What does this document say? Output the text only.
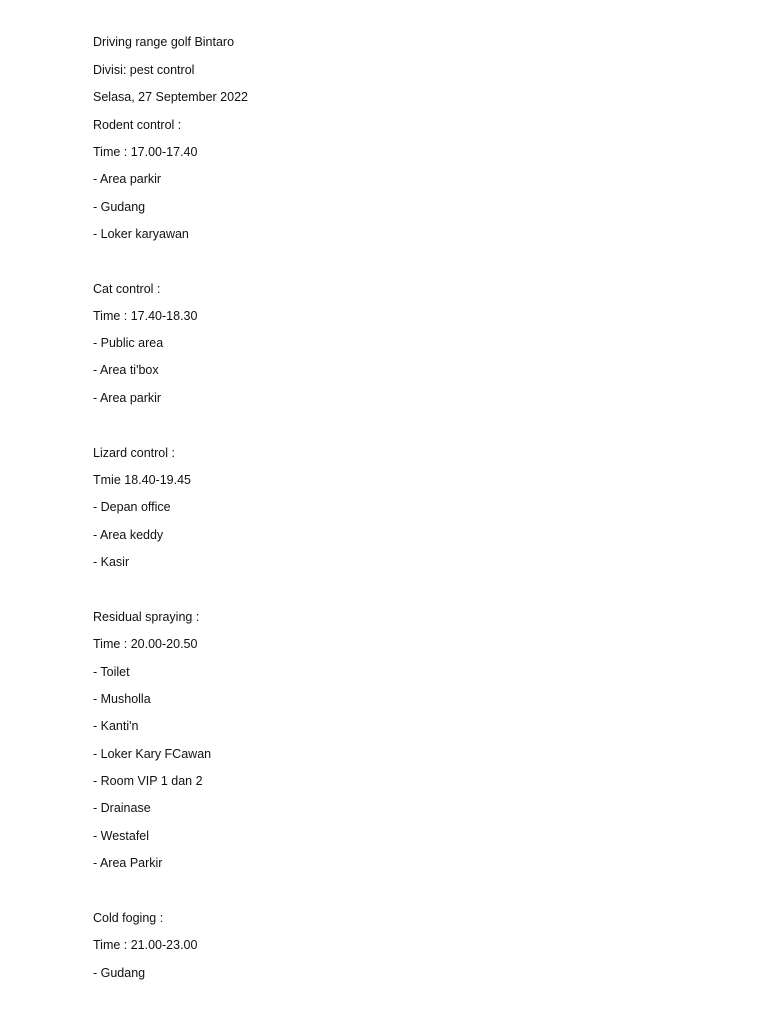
Driving range golf Bintaro
Divisi: pest control
Selasa, 27 September 2022
Rodent control :
Time : 17.00-17.40
- Area parkir
- Gudang
- Loker karyawan
Cat control :
Time : 17.40-18.30
- Public area
- Area ti'box
- Area parkir
Lizard control :
Tmie 18.40-19.45
- Depan office
- Area keddy
- Kasir
Residual spraying :
Time : 20.00-20.50
- Toilet
- Musholla
- Kanti'n
- Loker Kary FCawan
- Room VIP 1 dan 2
- Drainase
- Westafel
- Area Parkir
Cold foging :
Time : 21.00-23.00
- Gudang
